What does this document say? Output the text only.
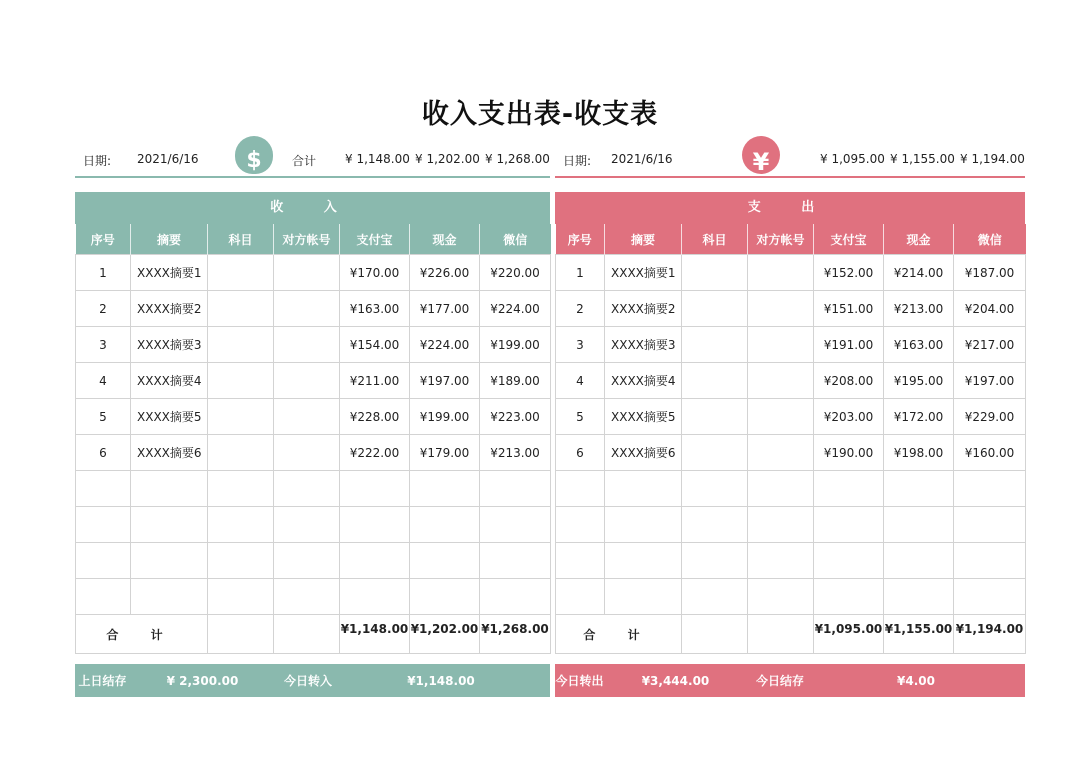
收入支出表-收支表
日期: 2021/6/16 $	合计 ¥ 1,148.00 ¥ 1,202.00 ¥ 1,268.00
收 入
序号	摘要	科目	对方帐号	支付宝	现金	微信
1	XXXX摘要1			¥170.00	¥226.00	¥220.00
2	XXXX摘要2			¥163.00	¥177.00	¥224.00
3	XXXX摘要3			¥154.00	¥224.00	¥199.00
4	XXXX摘要4			¥211.00	¥197.00	¥189.00
5	XXXX摘要5			¥228.00	¥199.00	¥223.00
6	XXXX摘要6			¥222.00	¥179.00	¥213.00

合 计				¥1,148.00	¥1,202.00	¥1,268.00
日期: 2021/6/16	¥	¥ 1,095.00 ¥ 1,155.00 ¥ 1,194.00
支 出
序号	摘要	科目	对方帐号	支付宝	现金	微信
1	XXXX摘要1			¥152.00	¥214.00	¥187.00
2	XXXX摘要2			¥151.00	¥213.00	¥204.00
3	XXXX摘要3			¥191.00	¥163.00	¥217.00
4	XXXX摘要4			¥208.00	¥195.00	¥197.00
5	XXXX摘要5			¥203.00	¥172.00	¥229.00
6	XXXX摘要6			¥190.00	¥198.00	¥160.00

合 计				¥1,095.00	¥1,155.00	¥1,194.00
上日结存	¥ 2,300.00	今日转入	¥1,148.00	今日转出	¥3,444.00	今日结存	¥4.00
